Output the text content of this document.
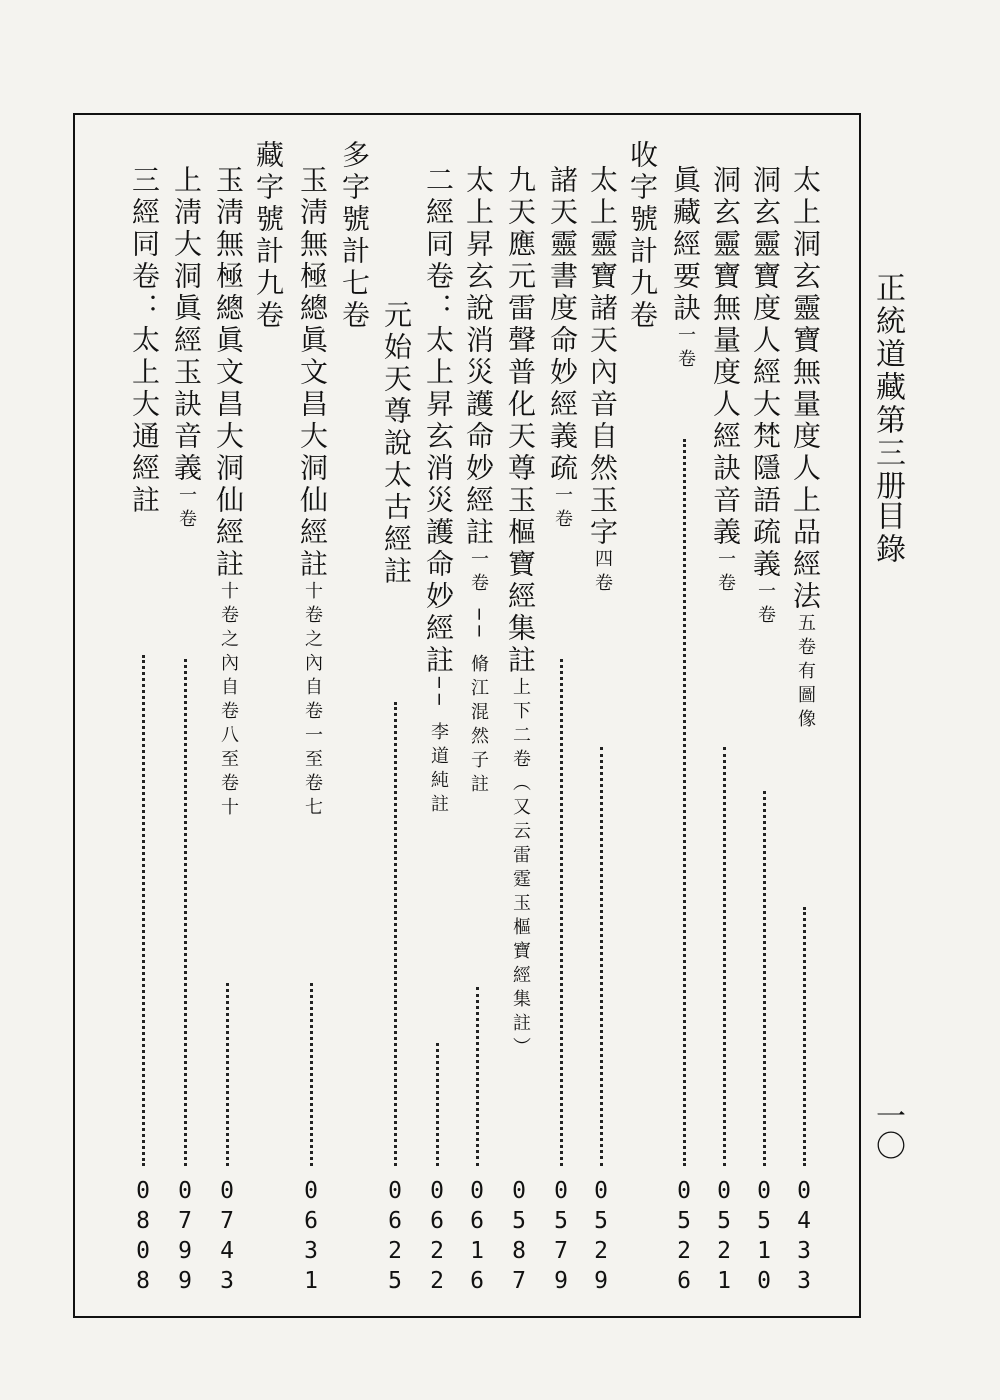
正統道藏第三册
目錄
一〇
太上洞玄靈寶無量度人上品經法五卷有圖像
0
4
3
3
洞玄靈寶度人經大梵隱語疏義一卷
0
5
1
0
洞玄靈寶無量度人經訣音義一卷
0
5
2
1
眞藏經要訣一卷
0
5
2
6
收字號計九卷
太上靈寶諸天內音自然玉字四卷
0
5
2
9
諸天靈書度命妙經義疏一卷
0
5
7
9
九天應元雷聲普化天尊玉樞寶經集註上下二卷（又云雷霆玉樞寶經集註）
0
5
8
7
太上昇玄說消災護命妙經註一卷 ── 脩江混然子註
0
6
1
6
二經同卷：太上昇玄消災護命妙經註── 李道純註
0
6
2
2
元始天尊說太古經註
0
6
2
5
多字號計七卷
玉淸無極總眞文昌大洞仙經註十卷之內自卷一至卷七
0
6
3
1
藏字號計九卷
玉淸無極總眞文昌大洞仙經註十卷之內自卷八至卷十
0
7
4
3
上淸大洞眞經玉訣音義一卷
0
7
9
9
三經同卷：太上大通經註
0
8
0
8
